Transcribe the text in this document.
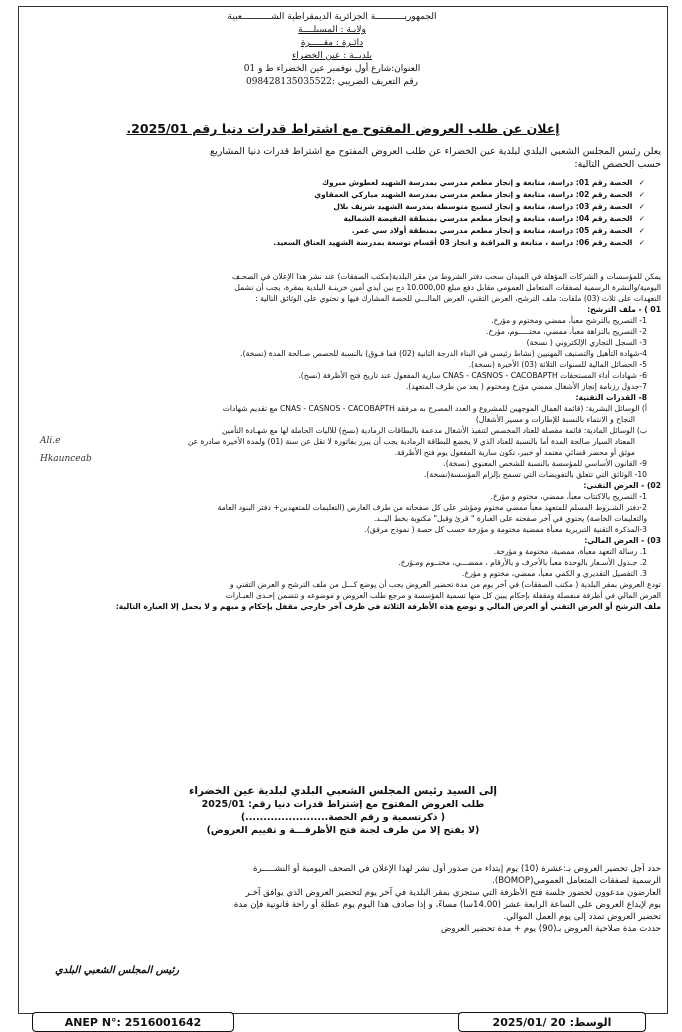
الجمهوريـــــــــــة الجزائرية الديمقراطية الشـــــــــــعبية
ولايـة : المسيلــــة
دائـرة : مقـــــرة
بلديــة : عين الخضراء
العنوان:شارع أول نوفمبر عين الخضراء ط و 01
رقم التعريف الضريبي :098428135035522
إعلان عن طلب العروض المفتوح مع اشتراط قدرات دنيا رقم 2025/01.
يعلن رئيس المجلس الشعبي البلدي لبلدية عين الخضراء عن طلب العروض المفتوح مع اشتراط قدرات دنيا المشاريع
حسب الحصص التالية:
✓ الحصة رقم 01: دراسة، متابعة و إنجاز مطعم مدرسي بمدرسة الشهيد لعطوش مبروك
✓ الحصة رقم 02: دراسة، متابعة و إنجاز مطعم مدرسي بمدرسة الشهيد مباركي العمقاوي
✓ الحصة رقم 03: دراسة، متابعة و إنجاز لتسيج متوسطة بمدرسة الشهيد شريف بلال
✓ الحصة رقم 04: دراسة، متابعة و إنجاز مطعم مدرسي بمنطقة النفيضة الشمالية
✓ الحصة رقم 05: دراسة، متابعة و إنجاز مطعم مدرسي بمنطقة أولاد سي عمر.
✓ الحصة رقم 06: دراسة ، متابعة و المراقبة و انجاز 03 أقسام توسعة بمدرسة الشهيد العناق السعيد.
يمكن للمؤسسات و الشركات المؤهلة في الميدان سحب دفتر الشروط من مقر البلدية(مكتب الصفقات) عند نشر هذا الإعلان في الصحـف
اليومية/والنشرة الرسمية لصفقات المتعامل العمومي مقابل دفع مبلغ 10.000,00 دج بين أيدي أمين خزينـة البلدية بمقرة، يجب أن تشمل
التعهدات على ثلاث (03) ملفات: ملف الترشح، العرض التقني، العرض المالـــي للحصة المشارك فيها و تحتوي على الوثائق التالية :
01 ) - ملف الترشح:
1- التصريح بالترشح معبأ، ممضي ومختوم و مؤرخ.
2- التصريح بالنزاهة معبأ، ممضي، مختـــــوم، مؤرخ.
3- السجل التجاري الإلكتروني ( نسخة)
4-شهادة التأهيل والتصنيف المهنيين (نشاط رئيسي في البناء الدرجة الثانية (02) فما فـوق) بالنسبة للحصص صـالحة المدة (نسخة).
5- الحصائل المالية للسنوات الثلاثة (03) الأخيرة (نسخة).
6- شهادات أداء المستحقات CNAS - CASNOS - CACOBAPTH سارية المفعول عند تاريخ فتح الأظرفة (نسخ).
7-جدول رزنامة إنجاز الأشغال ممضي مؤرخ ومختوم ( يعد من طرف المتعهد).
8- القدرات التقنية:
أ) الوسائل البشرية: (قائمة العمال الموجهين للمشروع و العدد المصرح به مرفقة CNAS - CASNOS - CACOBAPTH مع تقديم شهادات
النجاح و الانتماء بالنسبة للإطارات و مسير الأشغال)
ب) الوسائل المادية: قائمة مفصلة للعتاد المخصص لتنفيذ الأشغال مدعمة بالبطاقات الرمادية (نسخ) للآليات الحاملة لها مع شهـادة التأمين
المعتاد السيار صالحة المدة أما بالنسبة للعتاد الذي لا يخضع للبطاقة الرمادية يجب أن يبرر بفاتورة لا تقل عن سنة (01) ولمدة الأخيرة صادرة عن
موثق أو محضر قضائي معتمد أو خبير، تكون سارية المفعول يوم فتح الأظرفة.
9- القانون الأساسي للمؤسسة بالنسبة للشخص المعنوي (نسخة).
10- الوثائق التي تتعلق بالتفويضات التي تسمح بإلزام المؤسسة(نسخة).
02) - العرض التقني:
1- التصريح بالاكتتاب معبأ، ممضي، مختوم و مؤرخ.
2-دفتر الشـروط المسلم للمتعهد معبأ ممضي مختوم ومؤشر على كل صفحاته من طرف العارض (التعليمات للمتعهدين+ دفتر البنود العامة
والتعليمات الخاصة) يحتوي في آخر صفحته على العبارة " قرئ وقبل" مكتوبة بخط اليــد.
3-المذكرة التقنية التبريرية معبأة ممضية مختومة و مؤرخة حسب كل حصة ( نموذج مرفق).
03) - العرض المالي:
1. رسالة التعهد معبأة، ممضية، مختومة و مؤرخة.
2. جـدول الأسـعار بالوحدة معبأ بالأحرف و بالأرقام ، ممضـــي، مختــوم ومـؤرخ.
3. التفصيل التقديري و الكمي معبأ، ممضي، مختوم و مؤرخ.
تودع العروض بمقر البلدية ( مكتب الصفقات) في آخر يوم من مدة تحضير العروض يجب أن يوضع كـــل من ملف الترشح و العرض التقني و
العرض المالي في أظرفة منفصلة ومقفلة بإحكام يبين كل منها تسمية المؤسسة و مرجع طلب العروض و موضوعه و تتضمن إحـدى العبـارات
ملف الترشح أو العرض التقني أو العرض المالي و توضع هذه الأظرفة الثلاثة في ظرف آخر خارجي مقفل بإحكام و مبهم و لا يحمل إلا العبارة التالية:
إلى السيد رئيس المجلس الشعبي البلدي لبلدية عين الخضراء
طلب العروض المفتوح مع إشتراط قدرات دنيا رقم: 2025/01
( ذكرتسمية و رقم الحصة.......................)
(لا يفتح إلا من طرف لجنة فتح الأظرفـــة و تقييم العروض)
حدد أجل تحضير العروض بـ:عشرة (10) يوم إبتداء من صدور أول نشر لهذا الإعلان في الصحف اليومية أو النشـــــرة
الرسمية لصفقات المتعامل العمومي(BOMOP).
العارضون مدعوون لحضور جلسة فتح الأظرفة التي ستجري بمقر البلدية في آخر يوم لتحضير العروض الذي يوافق آخـر
يوم لإيداع العروض على الساعة الرابعة عشر (14.00سا) مساءً، و إذا صادف هذا اليوم يوم عطلة أو راحة قانونية فإن مدة
تحضير العروض تمدد إلى يوم العمل الموالي.
حددت مدة صلاحية العروض بـ(90) يوم + مدة تحضير العروض
رئيس المجلس الشعبي البلدي
Ali.e
Hkaunceab
ANEP N°: 2516001642	الوسط:
2025/01/ 20
